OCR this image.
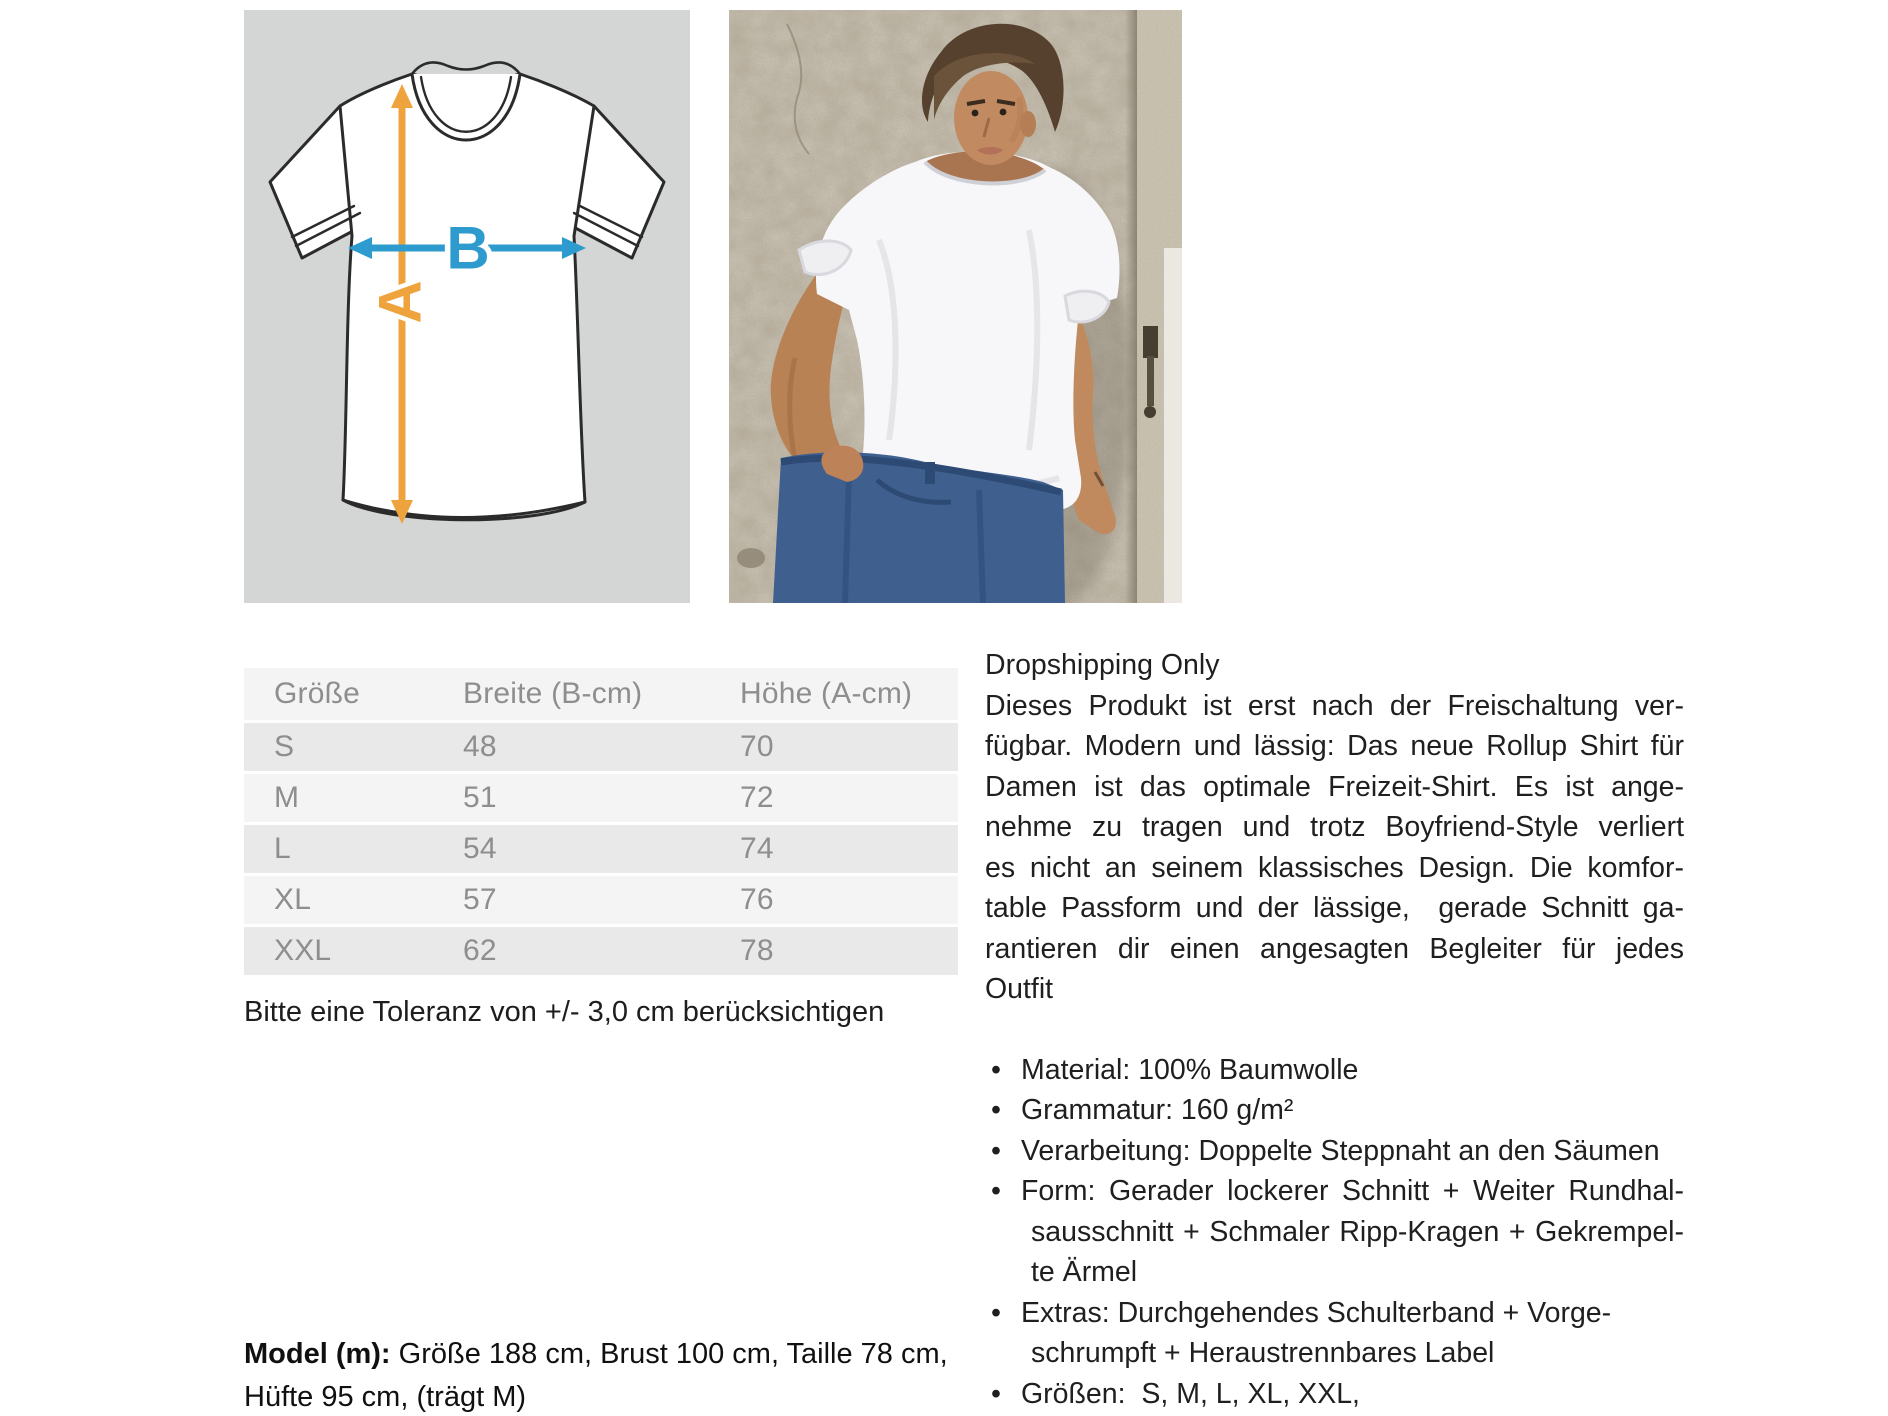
A
B
Größe	Breite (B-cm)	Höhe (A-cm)
S	48	70
M	51	72
L	54	74
XL	57	76
XXL	62	78
Bitte eine Toleranz von +/- 3,0 cm berücksichtigen
Model (m): Größe 188 cm, Brust 100 cm, Taille 78 cm,
Hüfte 95 cm, (trägt M)
Dropshipping Only
Dieses Produkt ist erst nach der Freischaltung ver-
fügbar. Modern und lässig: Das neue Rollup Shirt für
Damen ist das optimale Freizeit-Shirt. Es ist ange-
nehme zu tragen und trotz Boyfriend-Style verliert
es nicht an seinem klassisches Design. Die komfor-
table Passform und der lässige,  gerade Schnitt ga-
rantieren dir einen angesagten Begleiter für jedes
Outfit
• Material: 100% Baumwolle
• Grammatur: 160 g/m²
• Verarbeitung: Doppelte Steppnaht an den Säumen
• Form: Gerader lockerer Schnitt + Weiter Rundhal-
sausschnitt + Schmaler Ripp-Kragen + Gekrempel-
te Ärmel
• Extras: Durchgehendes Schulterband + Vorge-
schrumpft + Heraustrennbares Label
• Größen:  S, M, L, XL, XXL,
